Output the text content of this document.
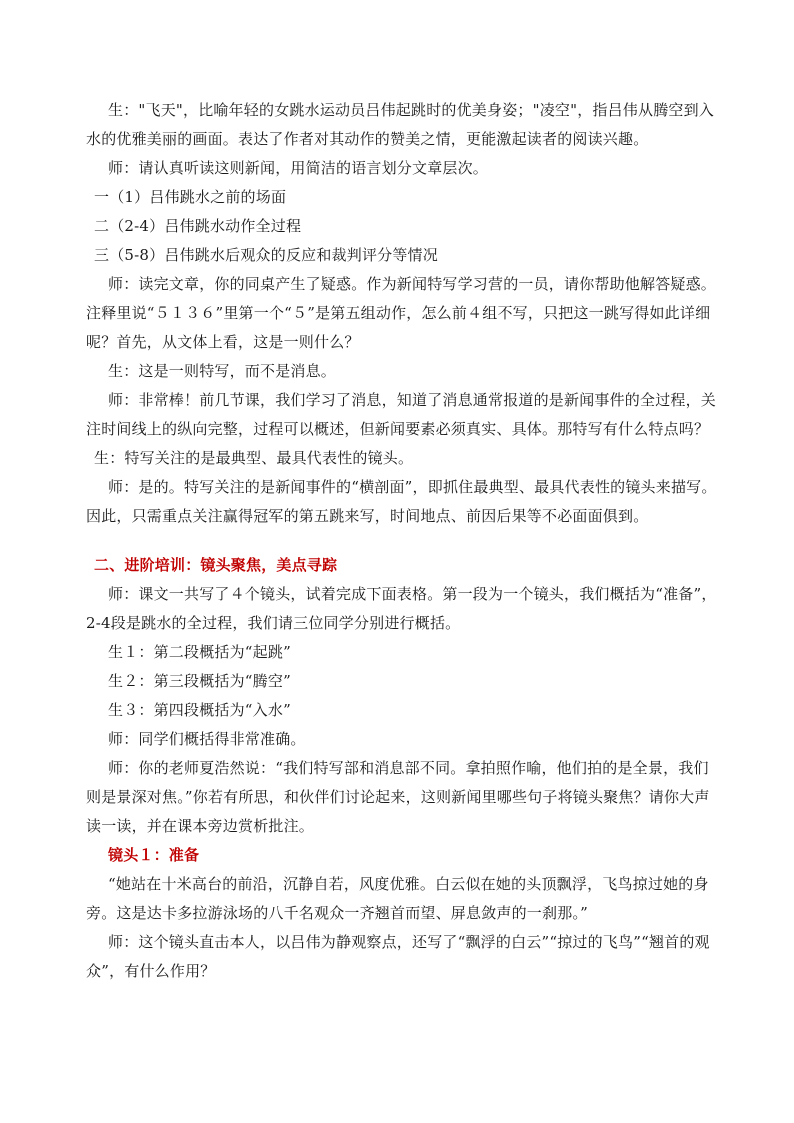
生："飞天"，比喻年轻的女跳水运动员吕伟起跳时的优美身姿；"凌空"，指吕伟从腾空到入水的优雅美丽的画面。表达了作者对其动作的赞美之情，更能激起读者的阅读兴趣。

师：请认真听读这则新闻，用简洁的语言划分文章层次。

一（1）吕伟跳水之前的场面

二（2-4）吕伟跳水动作全过程

三（5-8）吕伟跳水后观众的反应和裁判评分等情况

师：读完文章，你的同桌产生了疑惑。作为新闻特写学习营的一员，请你帮助他解答疑惑。注释里说“５１３６”里第一个“５”是第五组动作，怎么前４组不写，只把这一跳写得如此详细呢？首先，从文体上看，这是一则什么？

生：这是一则特写，而不是消息。

师：非常棒！前几节课，我们学习了消息，知道了消息通常报道的是新闻事件的全过程，关注时间线上的纵向完整，过程可以概述，但新闻要素必须真实、具体。那特写有什么特点吗？

生：特写关注的是最典型、最具代表性的镜头。

师：是的。特写关注的是新闻事件的“横剖面”，即抓住最典型、最具代表性的镜头来描写。因此，只需重点关注赢得冠军的第五跳来写，时间地点、前因后果等不必面面俱到。

二、进阶培训：镜头聚焦，美点寻踪

师：课文一共写了４个镜头，试着完成下面表格。第一段为一个镜头，我们概括为“准备”，2-4段是跳水的全过程，我们请三位同学分别进行概括。

生１：第二段概括为“起跳”

生２：第三段概括为“腾空”

生３：第四段概括为“入水”

师：同学们概括得非常准确。

师：你的老师夏浩然说：“我们特写部和消息部不同。拿拍照作喻，他们拍的是全景，我们则是景深对焦。”你若有所思，和伙伴们讨论起来，这则新闻里哪些句子将镜头聚焦？请你大声读一读，并在课本旁边赏析批注。

镜头１：准备

“她站在十米高台的前沿，沉静自若，风度优雅。白云似在她的头顶飘浮，飞鸟掠过她的身旁。这是达卡多拉游泳场的八千名观众一齐翘首而望、屏息敛声的一刹那。”

师：这个镜头直击本人，以吕伟为静观察点，还写了“飘浮的白云”“掠过的飞鸟”“翘首的观众”，有什么作用？
